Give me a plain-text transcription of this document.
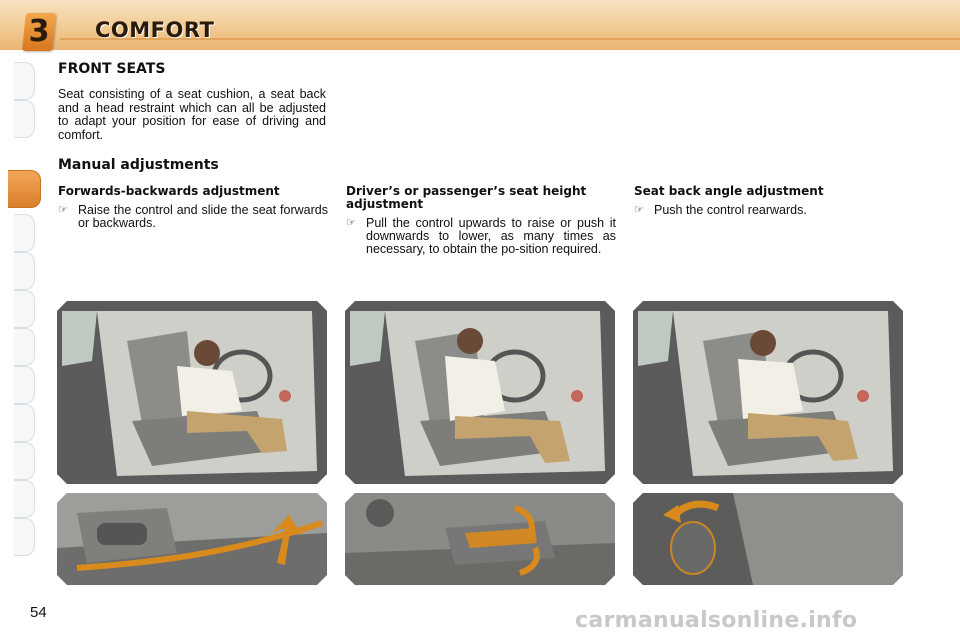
3 COMFORT
FRONT SEATS
Seat consisting of a seat cushion, a seat back and a head restraint which can all be adjusted to adapt your position for ease of driving and comfort.
Manual adjustments
Forwards-backwards adjustment
☞ Raise the control and slide the seat forwards or backwards.
Driver’s or passenger’s seat height adjustment
☞ Pull the control upwards to raise or push it downwards to lower, as many times as necessary, to obtain the po-sition required.
Seat back angle adjustment
☞ Push the control rearwards.
54	carmanualsonline.info
